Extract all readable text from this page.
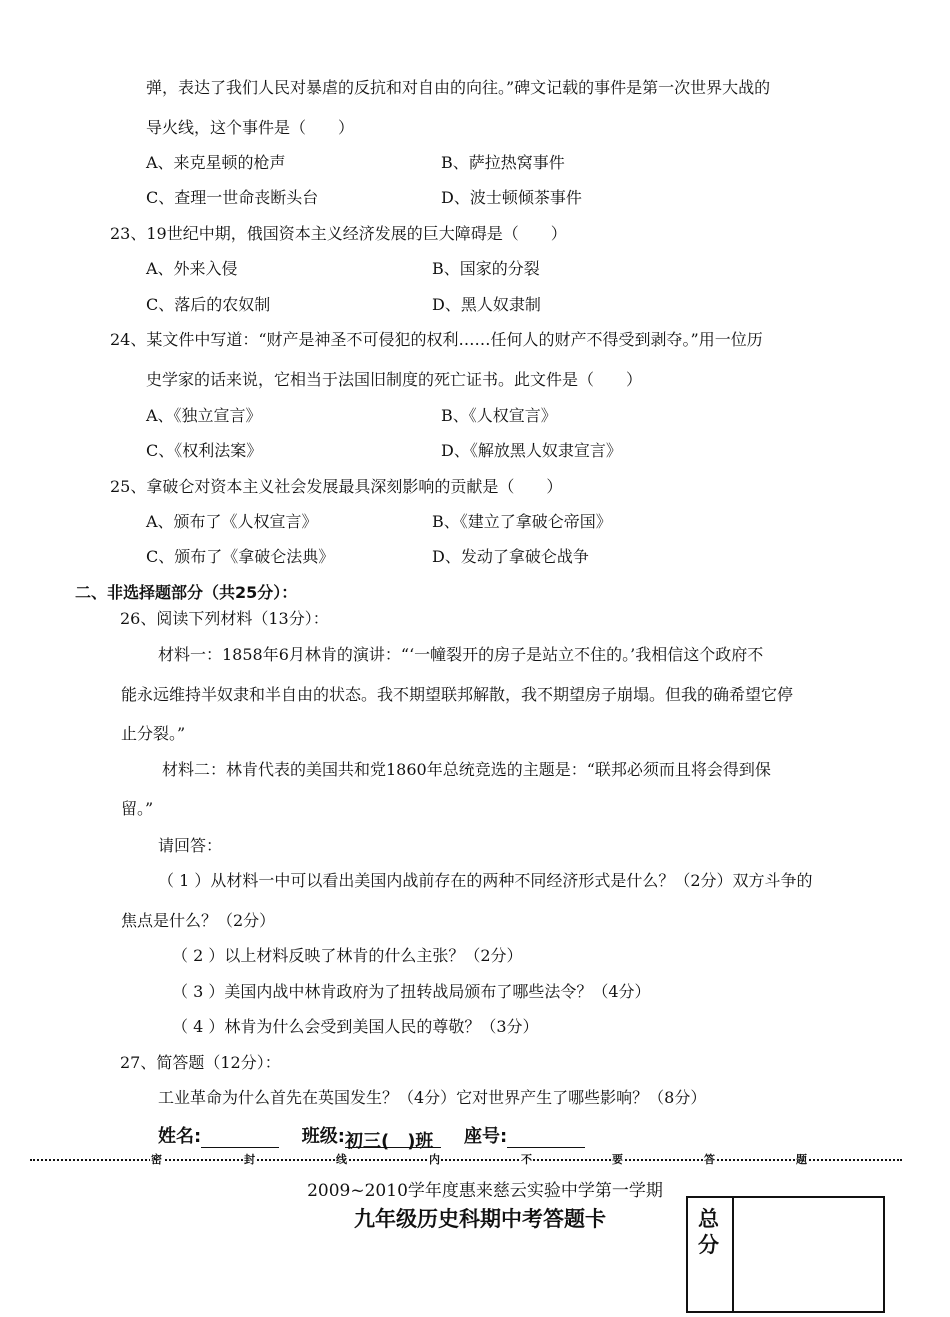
弹，表达了我们人民对暴虐的反抗和对自由的向往。”碑文记载的事件是第一次世界大战的
导火线，这个事件是（　　）
A、来克星顿的枪声	B、萨拉热窝事件
C、查理一世命丧断头台	D、波士顿倾茶事件
23、19世纪中期，俄国资本主义经济发展的巨大障碍是（　　）
A、外来入侵	B、国家的分裂
C、落后的农奴制	D、黑人奴隶制
24、某文件中写道：“财产是神圣不可侵犯的权利……任何人的财产不得受到剥夺。”用一位历
史学家的话来说，它相当于法国旧制度的死亡证书。此文件是（　　）
A、《独立宣言》	B、《人权宣言》
C、《权利法案》	D、《解放黑人奴隶宣言》
25、拿破仑对资本主义社会发展最具深刻影响的贡献是（　　）
A、颁布了《人权宣言》	B、《建立了拿破仑帝国》
C、颁布了《拿破仑法典》	D、发动了拿破仑战争
二、非选择题部分（共25分）：
26、阅读下列材料（13分）：
材料一：1858年6月林肯的演讲：“‘一幢裂开的房子是站立不住的。’我相信这个政府不
能永远维持半奴隶和半自由的状态。我不期望联邦解散，我不期望房子崩塌。但我的确希望它停
止分裂。”
材料二：林肯代表的美国共和党1860年总统竞选的主题是：“联邦必须而且将会得到保
留。”
请回答：
（ 1 ）从材料一中可以看出美国内战前存在的两种不同经济形式是什么？（2分）双方斗争的
焦点是什么？（2分）
（ 2 ）以上材料反映了林肯的什么主张？（2分）
（ 3 ）美国内战中林肯政府为了扭转战局颁布了哪些法令？（4分）
（ 4 ）林肯为什么会受到美国人民的尊敬？（3分）
27、简答题（12分）：
工业革命为什么首先在英国发生？（4分）它对世界产生了哪些影响？（8分）
姓名:	班级:初三(　)班 座号:
密	封	线	内	不	要	答	题
2009~2010学年度惠来慈云实验中学第一学期
九年级历史科期中考答题卡	总分
